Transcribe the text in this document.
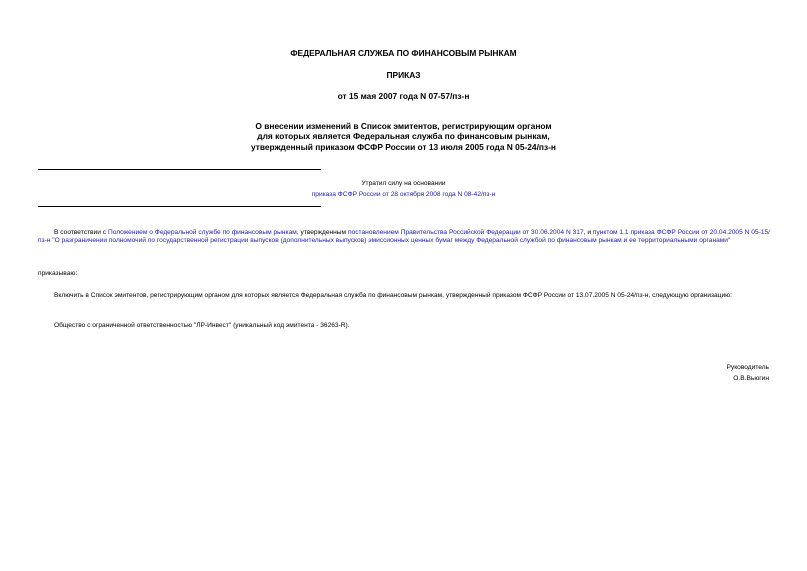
ФЕДЕРАЛЬНАЯ СЛУЖБА ПО ФИНАНСОВЫМ РЫНКАМ
ПРИКАЗ
от 15 мая 2007 года N 07-57/пз-н
О внесении изменений в Список эмитентов, регистрирующим органом
для которых является Федеральная служба по финансовым рынкам,
утвержденный приказом ФСФР России от 13 июля 2005 года N 05-24/пз-н
Утратил силу на основании
приказа ФСФР России от 28 октября 2008 года N 08-42/пз-н
В соответствии с Положением о Федеральной службе по финансовым рынкам, утвержденным постановлением Правительства Российской Федерации от 30.06.2004 N 317, и пунктом 1.1 приказа ФСФР России от 20.04.2005 N 05-15/пз-н "О разграничении полномочий по государственной регистрации выпусков (дополнительных выпусков) эмиссионных ценных бумаг между Федеральной службой по финансовым рынкам и ее территориальными органами"
приказываю:
Включить в Список эмитентов, регистрирующим органом для которых является Федеральная служба по финансовым рынкам, утвержденный приказом ФСФР России от 13.07.2005 N 05-24/пз-н, следующую организацию:
Общество с ограниченной ответственностью "ЛР-Инвест" (уникальный код эмитента - 36263-R).
Руководитель
О.В.Вьюгин
